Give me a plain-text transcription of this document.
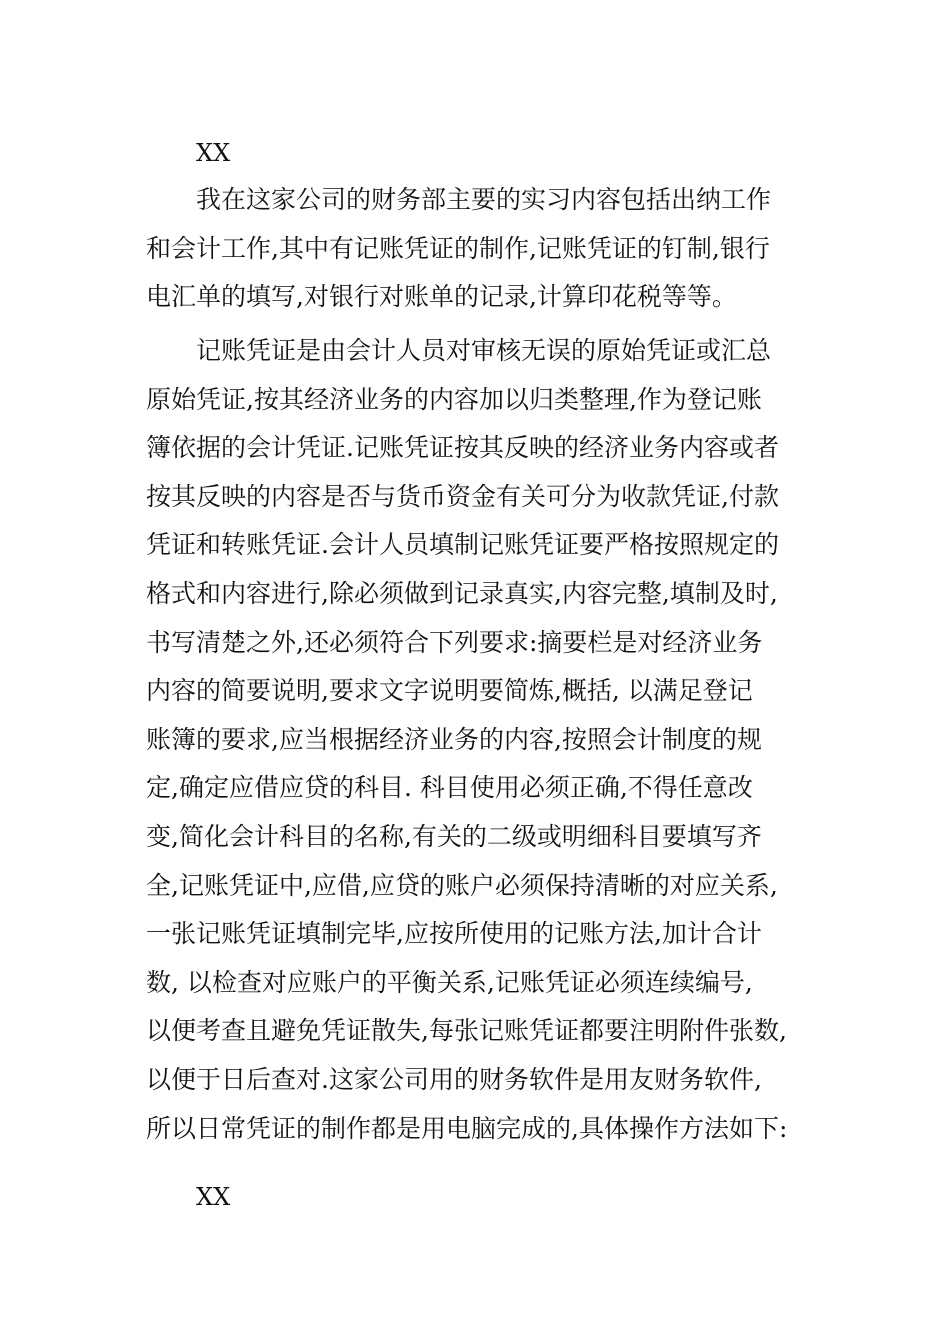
XX
我在这家公司的财务部主要的实习内容包括出纳工作
和会计工作,其中有记账凭证的制作,记账凭证的钉制,银行
电汇单的填写,对银行对账单的记录,计算印花税等等。
记账凭证是由会计人员对审核无误的原始凭证或汇总
原始凭证,按其经济业务的内容加以归类整理,作为登记账
簿依据的会计凭证.记账凭证按其反映的经济业务内容或者
按其反映的内容是否与货币资金有关可分为收款凭证,付款
凭证和转账凭证.会计人员填制记账凭证要严格按照规定的
格式和内容进行,除必须做到记录真实,内容完整,填制及时,
书写清楚之外,还必须符合下列要求:摘要栏是对经济业务
内容的简要说明,要求文字说明要简炼,概括, 以满足登记
账簿的要求,应当根据经济业务的内容,按照会计制度的规
定,确定应借应贷的科目. 科目使用必须正确,不得任意改
变,简化会计科目的名称,有关的二级或明细科目要填写齐
全,记账凭证中,应借,应贷的账户必须保持清晰的对应关系,
一张记账凭证填制完毕,应按所使用的记账方法,加计合计
数, 以检查对应账户的平衡关系,记账凭证必须连续编号,
以便考查且避免凭证散失,每张记账凭证都要注明附件张数,
以便于日后查对.这家公司用的财务软件是用友财务软件,
所以日常凭证的制作都是用电脑完成的,具体操作方法如下:
XX
